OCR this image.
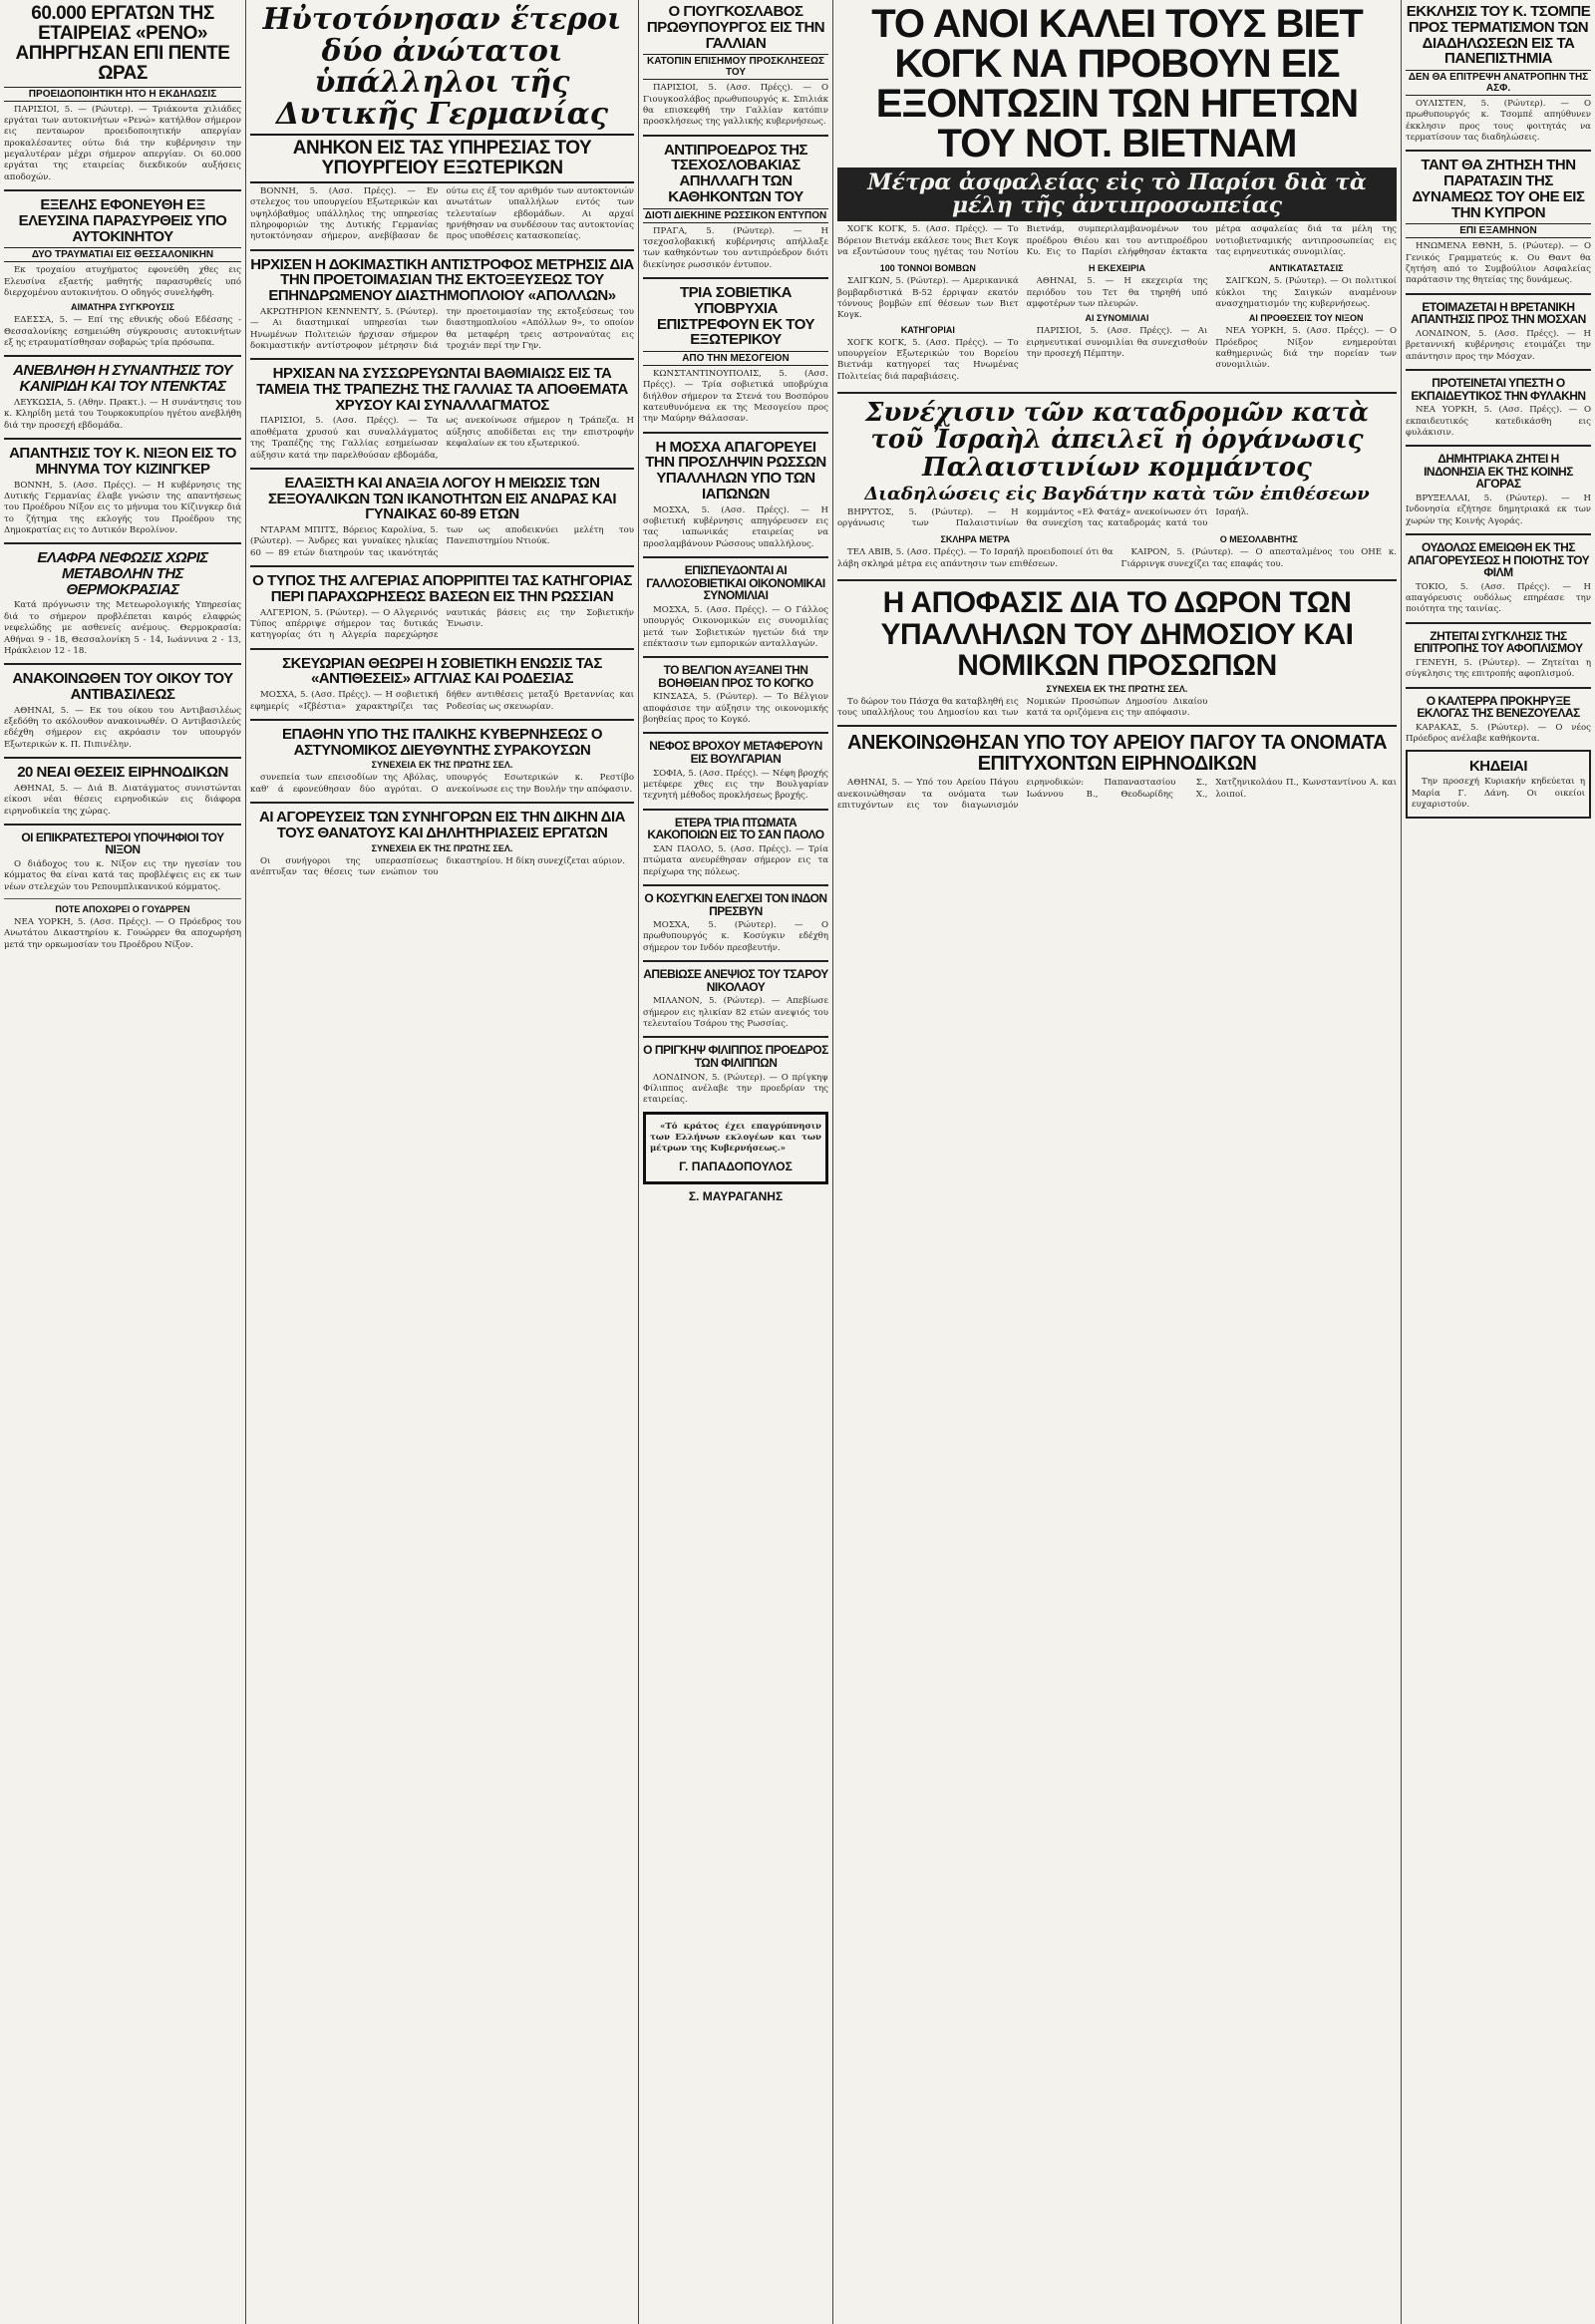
60.000 ΕΡΓΑΤΩΝ ΤΗΣ ΕΤΑΙΡΕΙΑΣ «ΡΕΝΟ» ΑΠΗΡΓΗΣΑΝ ΕΠΙ ΠΕΝΤΕ ΩΡΑΣ
ΠΡΟΕΙΔΟΠΟΙΗΤΙΚΗ ΗΤΟ Η ΕΚΔΗΛΩΣΙΣ

ΠΑΡΙΣΙΟΙ, 5. — (Ρώυτερ). — Τριάκοντα χιλιάδες εργάται των αυτοκινήτων «Ρενώ» κατήλθον σήμερον εις πενταωρον προειδοποιητικήν απεργίαν προκαλέσαντες ούτω διά την κυβέρνησιν την μεγαλυτέραν μέχρι σήμερον απεργίαν. Οι 60.000 εργάται της εταιρείας διεκδικούν αυξήσεις αποδοχών.

ΕΞΕΛΗΣ ΕΦΟΝΕΥΘΗ ΕΞ ΕΛΕΥΣΙΝΑ ΠΑΡΑΣΥΡΘΕΙΣ ΥΠΟ ΑΥΤΟΚΙΝΗΤΟΥ
ΔΥΟ ΤΡΑΥΜΑΤΙΑΙ ΕΙΣ ΘΕΣΣΑΛΟΝΙΚΗΝ

Εκ τροχαίου ατυχήματος εφονεύθη χθες εις Ελευσίνα εξαετής μαθητής παρασυρθείς υπό διερχομένου αυτοκινήτου. Ο οδηγός συνελήφθη.

ΑΙΜΑΤΗΡΑ ΣΥΓΚΡΟΥΣΙΣ

ΕΔΕΣΣΑ, 5. — Επί της εθνικής οδού Εδέσσης - Θεσσαλονίκης εσημειώθη σύγκρουσις αυτοκινήτων εξ ης ετραυματίσθησαν σοβαρώς τρία πρόσωπα.

ΑΝΕΒΛΗΘΗ Η ΣΥΝΑΝΤΗΣΙΣ ΤΟΥ ΚΑΝΙΡΙΔΗ ΚΑΙ ΤΟΥ ΝΤΕΝΚΤΑΣ

ΛΕΥΚΩΣΙΑ, 5. (Αθην. Πρακτ.). — Η συνάντησις του κ. Κληρίδη μετά του Τουρκοκυπρίου ηγέτου ανεβλήθη διά την προσεχή εβδομάδα.

ΑΠΑΝΤΗΣΙΣ ΤΟΥ Κ. ΝΙΞΟΝ ΕΙΣ ΤΟ ΜΗΝΥΜΑ ΤΟΥ ΚΙΖΙΝΓΚΕΡ

ΒΟΝΝΗ, 5. (Ασσ. Πρέςς). — Η κυβέρνησις της Δυτικής Γερμανίας έλαβε γνώσιν της απαντήσεως του Προέδρου Νίξον εις το μήνυμα του Κίζινγκερ διά το ζήτημα της εκλογής του Προέδρου της Δημοκρατίας εις το Δυτικόν Βερολίνον.

ΕΛΑΦΡΑ ΝΕΦΩΣΙΣ ΧΩΡΙΣ ΜΕΤΑΒΟΛΗΝ ΤΗΣ ΘΕΡΜΟΚΡΑΣΙΑΣ

Κατά πρόγνωσιν της Μετεωρολογικής Υπηρεσίας διά το σήμερον προβλέπεται καιρός ελαφρώς νεφελώδης με ασθενείς ανέμους. Θερμοκρασία: Αθήναι 9 - 18, Θεσσαλονίκη 5 - 14, Ιωάννινα 2 - 13, Ηράκλειον 12 - 18.

ΑΝΑΚΟΙΝΩΘΕΝ ΤΟΥ ΟΙΚΟΥ ΤΟΥ ΑΝΤΙΒΑΣΙΛΕΩΣ

ΑΘΗΝΑΙ, 5. — Εκ του οίκου του Αντιβασιλέως εξεδόθη το ακόλουθον ανακοινωθέν. Ο Αντιβασιλεύς εδέχθη σήμερον εις ακρόασιν τον υπουργόν Εξωτερικών κ. Π. Πιπινέλην.

20 ΝΕΑΙ ΘΕΣΕΙΣ ΕΙΡΗΝΟΔΙΚΩΝ

ΑΘΗΝΑΙ, 5. — Διά Β. Διατάγματος συνιστώνται είκοσι νέαι θέσεις ειρηνοδικών εις διάφορα ειρηνοδικεία της χώρας.

ΟΙ ΕΠΙΚΡΑΤΕΣΤΕΡΟΙ ΥΠΟΨΗΦΙΟΙ ΤΟΥ ΝΙΞΟΝ

Ο διάδοχος του κ. Νίξον εις την ηγεσίαν του κόμματος θα είναι κατά τας προβλέψεις εις εκ των νέων στελεχών του Ρεπουμπλικανικού κόμματος.

ΠΟΤΕ ΑΠΟΧΩΡΕΙ Ο ΓΟΥΔΡΡΕΝ

ΝΕΑ ΥΟΡΚΗ, 5. (Ασσ. Πρέςς). — Ο Πρόεδρος του Ανωτάτου Δικαστηρίου κ. Γουώρρεν θα αποχωρήση μετά την ορκωμοσίαν του Προέδρου Νίξον.

Ηὐτοτόνησαν ἕτεροι δύο ἀνώτατοι ὑπάλληλοι τῆς Δυτικῆς Γερμανίας
ΑΝΗΚΟΝ ΕΙΣ ΤΑΣ ΥΠΗΡΕΣΙΑΣ ΤΟΥ ΥΠΟΥΡΓΕΙΟΥ ΕΞΩΤΕΡΙΚΩΝ

ΒΟΝΝΗ, 5. (Ασσ. Πρέςς). — Εν στελεχος του υπουργείου Εξωτερικών και υψηλόβαθμος υπάλληλος της υπηρεσίας πληροφοριών της Δυτικής Γερμανίας ηυτοκτόνησαν σήμερον, ανεβίβασαν δε ούτω εις έξ τον αριθμόν των αυτοκτονιών ανωτάτων υπαλλήλων εντός των τελευταίων εβδομάδων. Αι αρχαί ηρνήθησαν να συνδέσουν τας αυτοκτονίας προς υποθέσεις κατασκοπείας.

ΗΡΧΙΣΕΝ Η ΔΟΚΙΜΑΣΤΙΚΗ ΑΝΤΙΣΤΡΟΦΟΣ ΜΕΤΡΗΣΙΣ ΔΙΑ ΤΗΝ ΠΡΟΕΤΟΙΜΑΣΙΑΝ ΤΗΣ ΕΚΤΟΞΕΥΣΕΩΣ ΤΟΥ ΕΠΗΝΔΡΩΜΕΝΟΥ ΔΙΑΣΤΗΜΟΠΛΟΙΟΥ «ΑΠΟΛΛΩΝ»

ΑΚΡΩΤΗΡΙΟΝ ΚΕΝΝΕΝΤΥ, 5. (Ρώυτερ). — Αι διαστημικαί υπηρεσίαι των Ηνωμένων Πολιτειών ήρχισαν σήμερον δοκιμαστικήν αντίστροφον μέτρησιν διά την προετοιμασίαν της εκτοξεύσεως του διαστημοπλοίου «Απόλλων 9», το οποίον θα μεταφέρη τρεις αστροναύτας εις τροχιάν περί την Γην.

ΗΡΧΙΣΑΝ ΝΑ ΣΥΣΣΩΡΕΥΩΝΤΑΙ ΒΑΘΜΙΑΙΩΣ ΕΙΣ ΤΑ ΤΑΜΕΙΑ ΤΗΣ ΤΡΑΠΕΖΗΣ ΤΗΣ ΓΑΛΛΙΑΣ ΤΑ ΑΠΟΘΕΜΑΤΑ ΧΡΥΣΟΥ ΚΑΙ ΣΥΝΑΛΛΑΓΜΑΤΟΣ

ΠΑΡΙΣΙΟΙ, 5. (Ασσ. Πρέςς). — Τα αποθέματα χρυσού και συναλλάγματος της Τραπέζης της Γαλλίας εσημείωσαν αύξησιν κατά την παρελθούσαν εβδομάδα, ως ανεκοίνωσε σήμερον η Τράπεζα. Η αύξησις αποδίδεται εις την επιστροφήν κεφαλαίων εκ του εξωτερικού.

ΕΛΑΞΙΣΤΗ ΚΑΙ ΑΝΑΞΙΑ ΛΟΓΟΥ Η ΜΕΙΩΣΙΣ ΤΩΝ ΣΕΞΟΥΑΛΙΚΩΝ ΤΩΝ ΙΚΑΝΟΤΗΤΩΝ ΕΙΣ ΑΝΔΡΑΣ ΚΑΙ ΓΥΝΑΙΚΑΣ 60-89 ΕΤΩΝ

ΝΤΑΡΑΜ ΜΠΙΤΣ, Βόρειος Καρολίνα, 5. (Ρώυτερ). — Άνδρες και γυναίκες ηλικίας 60 — 89 ετών διατηρούν τας ικανότητάς των ως αποδεικνύει μελέτη του Πανεπιστημίου Ντιούκ.

Ο ΤΥΠΟΣ ΤΗΣ ΑΛΓΕΡΙΑΣ ΑΠΟΡΡΙΠΤΕΙ ΤΑΣ ΚΑΤΗΓΟΡΙΑΣ ΠΕΡΙ ΠΑΡΑΧΩΡΗΣΕΩΣ ΒΑΣΕΩΝ ΕΙΣ ΤΗΝ ΡΩΣΣΙΑΝ

ΑΛΓΕΡΙΟΝ, 5. (Ρώυτερ). — Ο Αλγερινός Τύπος απέρριψε σήμερον τας δυτικάς κατηγορίας ότι η Αλγερία παρεχώρησε ναυτικάς βάσεις εις την Σοβιετικήν Ένωσιν.

ΣΚΕΥΩΡΙΑΝ ΘΕΩΡΕΙ Η ΣΟΒΙΕΤΙΚΗ ΕΝΩΣΙΣ ΤΑΣ «ΑΝΤΙΘΕΣΕΙΣ» ΑΓΓΛΙΑΣ ΚΑΙ ΡΟΔΕΣΙΑΣ

ΜΟΣΧΑ, 5. (Ασσ. Πρέςς). — Η σοβιετική εφημερίς «Ιζβέστια» χαρακτηρίζει τας δήθεν αντιθέσεις μεταξύ Βρεταννίας και Ροδεσίας ως σκευωρίαν.

ΕΠΑΘΗΝ ΥΠΟ ΤΗΣ ΙΤΑΛΙΚΗΣ ΚΥΒΕΡΝΗΣΕΩΣ Ο ΑΣΤΥΝΟΜΙΚΟΣ ΔΙΕΥΘΥΝΤΗΣ ΣΥΡΑΚΟΥΣΩΝ
ΣΥΝΕΧΕΙΑ ΕΚ ΤΗΣ ΠΡΩΤΗΣ ΣΕΛ.

συνεπεία των επεισοδίων της Αβόλας, καθ' ά εφονεύθησαν δύο αγρόται. Ο υπουργός Εσωτερικών κ. Ρεστίβο ανεκοίνωσε εις την Βουλήν την απόφασιν.

ΑΙ ΑΓΟΡΕΥΣΕΙΣ ΤΩΝ ΣΥΝΗΓΟΡΩΝ ΕΙΣ ΤΗΝ ΔΙΚΗΝ ΔΙΑ ΤΟΥΣ ΘΑΝΑΤΟΥΣ ΚΑΙ ΔΗΛΗΤΗΡΙΑΣΕΙΣ ΕΡΓΑΤΩΝ
ΣΥΝΕΧΕΙΑ ΕΚ ΤΗΣ ΠΡΩΤΗΣ ΣΕΛ.

Οι συνήγοροι της υπερασπίσεως ανέπτυξαν τας θέσεις των ενώπιον του δικαστηρίου. Η δίκη συνεχίζεται αύριον.

Ο ΓΙΟΥΓΚΟΣΛΑΒΟΣ ΠΡΩΘΥΠΟΥΡΓΟΣ ΕΙΣ ΤΗΝ ΓΑΛΛΙΑΝ
ΚΑΤΟΠΙΝ ΕΠΙΣΗΜΟΥ ΠΡΟΣΚΛΗΣΕΩΣ ΤΟΥ

ΠΑΡΙΣΙΟΙ, 5. (Ασσ. Πρέςς). — Ο Γιουγκοσλάβος πρωθυπουργός κ. Σπιλιάκ θα επισκεφθή την Γαλλίαν κατόπιν προσκλήσεως της γαλλικής κυβερνήσεως.

ΑΝΤΙΠΡΟΕΔΡΟΣ ΤΗΣ ΤΣΕΧΟΣΛΟΒΑΚΙΑΣ ΑΠΗΛΛΑΓΗ ΤΩΝ ΚΑΘΗΚΟΝΤΩΝ ΤΟΥ
ΔΙΟΤΙ ΔΙΕΚΗΙΝΕ ΡΩΣΣΙΚΟΝ ΕΝΤΥΠΟΝ

ΠΡΑΓΑ, 5. (Ρώυτερ). — Η τσεχοσλοβακική κυβέρνησις απήλλαξε των καθηκόντων του αντιπρόεδρον διότι διεκίνησε ρωσσικόν έντυπον.

ΤΡΙΑ ΣΟΒΙΕΤΙΚΑ ΥΠΟΒΡΥΧΙΑ ΕΠΙΣΤΡΕΦΟΥΝ ΕΚ ΤΟΥ ΕΞΩΤΕΡΙΚΟΥ
ΑΠΟ ΤΗΝ ΜΕΣΟΓΕΙΟΝ

ΚΩΝΣΤΑΝΤΙΝΟΥΠΟΛΙΣ, 5. (Ασσ. Πρέςς). — Τρία σοβιετικά υποβρύχια διήλθον σήμερον τα Στενά του Βοσπόρου κατευθυνόμενα εκ της Μεσογείου προς την Μαύρην Θάλασσαν.

Η ΜΟΣΧΑ ΑΠΑΓΟΡΕΥΕΙ ΤΗΝ ΠΡΟΣΛΗΨΙΝ ΡΩΣΣΩΝ ΥΠΑΛΛΗΛΩΝ ΥΠΟ ΤΩΝ ΙΑΠΩΝΩΝ

ΜΟΣΧΑ, 5. (Ασσ. Πρέςς). — Η σοβιετική κυβέρνησις απηγόρευσεν εις τας ιαπωνικάς εταιρείας να προσλαμβάνουν Ρώσσους υπαλλήλους.

ΕΠΙΣΠΕΥΔΟΝΤΑΙ ΑΙ ΓΑΛΛΟΣΟΒΙΕΤΙΚΑΙ ΟΙΚΟΝΟΜΙΚΑΙ ΣΥΝΟΜΙΛΙΑΙ

ΜΟΣΧΑ, 5. (Ασσ. Πρέςς). — Ο Γάλλος υπουργός Οικονομικών εις συνομιλίας μετά των Σοβιετικών ηγετών διά την επέκτασιν των εμπορικών ανταλλαγών.

ΤΟ ΒΕΛΓΙΟΝ ΑΥΞΑΝΕΙ ΤΗΝ ΒΟΗΘΕΙΑΝ ΠΡΟΣ ΤΟ ΚΟΓΚΟ

ΚΙΝΣΑΣΑ, 5. (Ρώυτερ). — Το Βέλγιον αποφάσισε την αύξησιν της οικονομικής βοηθείας προς το Κογκό.

ΝΕΦΟΣ ΒΡΟΧΟΥ ΜΕΤΑΦΕΡΟΥΝ ΕΙΣ ΒΟΥΛΓΑΡΙΑΝ

ΣΟΦΙΑ, 5. (Ασσ. Πρέςς). — Νέφη βροχής μετέφερε χθες εις την Βουλγαρίαν τεχνητή μέθοδος προκλήσεως βροχής.

ΕΤΕΡΑ ΤΡΙΑ ΠΤΩΜΑΤΑ ΚΑΚΟΠΟΙΩΝ ΕΙΣ ΤΟ ΣΑΝ ΠΑΟΛΟ

ΣΑΝ ΠΑΟΛΟ, 5. (Ασσ. Πρέςς). — Τρία πτώματα ανευρέθησαν σήμερον εις τα περίχωρα της πόλεως.

Ο ΚΟΣΥΓΚΙΝ ΕΛΕΓΧΕΙ ΤΟΝ ΙΝΔΟΝ ΠΡΕΣΒΥΝ

ΜΟΣΧΑ, 5. (Ρώυτερ). — Ο πρωθυπουργός κ. Κοσύγκιν εδέχθη σήμερον τον Ινδόν πρεσβευτήν.

ΑΠΕΒΙΩΣΕ ΑΝΕΨΙΟΣ ΤΟΥ ΤΣΑΡΟΥ ΝΙΚΟΛΑΟΥ

ΜΙΛΑΝΟΝ, 5. (Ρώυτερ). — Απεβίωσε σήμερον εις ηλικίαν 82 ετών ανεψιός του τελευταίου Τσάρου της Ρωσσίας.

Ο ΠΡΙΓΚΗΨ ΦΙΛΙΠΠΟΣ ΠΡΟΕΔΡΟΣ ΤΩΝ ΦΙΛΙΠΠΩΝ

ΛΟΝΔΙΝΟΝ, 5. (Ρώυτερ). — Ο πρίγκηψ Φίλιππος ανέλαβε την προεδρίαν της εταιρείας.

«Τό κράτος έχει επαγρύπνησιν των Ελλήνων εκλογέων και των μέτρων της Κυβερνήσεως.»

Γ. ΠΑΠΑΔΟΠΟΥΛΟΣ
Σ. ΜΑΥΡΑΓΑΝΗΣ
ΤΟ ΑΝΟΙ ΚΑΛΕΙ ΤΟΥΣ ΒΙΕΤ ΚΟΓΚ ΝΑ ΠΡΟΒΟΥΝ ΕΙΣ ΕΞΟΝΤΩΣΙΝ ΤΩΝ ΗΓΕΤΩΝ ΤΟΥ ΝΟΤ. ΒΙΕΤΝΑΜ
Μέτρα ἀσφαλείας εἰς τὸ Παρίσι διὰ τὰ μέλη τῆς ἀντιπροσωπείας

ΧΟΓΚ ΚΟΓΚ, 5. (Ασσ. Πρέςς). — Το Βόρειον Βιετνάμ εκάλεσε τους Βιετ Κογκ να εξοντώσουν τους ηγέτας του Νοτίου Βιετνάμ, συμπεριλαμβανομένων του προέδρου Θιέου και του αντιπροέδρου Κυ. Εις το Παρίσι ελήφθησαν έκτακτα μέτρα ασφαλείας διά τα μέλη της νοτιοβιετναμικής αντιπροσωπείας εις τας ειρηνευτικάς συνομιλίας.

100 ΤΟΝΝΟΙ ΒΟΜΒΩΝ

ΣΑΙΓΚΩΝ, 5. (Ρώυτερ). — Αμερικανικά βομβαρδιστικά Β-52 έρριψαν εκατόν τόννους βομβών επί θέσεων των Βιετ Κογκ.

ΚΑΤΗΓΟΡΙΑΙ

ΧΟΓΚ ΚΟΓΚ, 5. (Ασσ. Πρέςς). — Το υπουργείον Εξωτερικών του Βορείου Βιετνάμ κατηγορεί τας Ηνωμένας Πολιτείας διά παραβιάσεις.

Η ΕΚΕΧΕΙΡΙΑ

ΑΘΗΝΑΙ, 5. — Η εκεχειρία της περιόδου του Τετ θα τηρηθή υπό αμφοτέρων των πλευρών.

ΑΙ ΣΥΝΟΜΙΛΙΑΙ

ΠΑΡΙΣΙΟΙ, 5. (Ασσ. Πρέςς). — Αι ειρηνευτικαί συνομιλίαι θα συνεχισθούν την προσεχή Πέμπτην.

ΑΝΤΙΚΑΤΑΣΤΑΣΙΣ

ΣΑΙΓΚΩΝ, 5. (Ρώυτερ). — Οι πολιτικοί κύκλοι της Σαιγκών αναμένουν ανασχηματισμόν της κυβερνήσεως.

ΑΙ ΠΡΟΘΕΣΕΙΣ ΤΟΥ ΝΙΞΟΝ

ΝΕΑ ΥΟΡΚΗ, 5. (Ασσ. Πρέςς). — Ο Πρόεδρος Νίξον ενημερούται καθημερινώς διά την πορείαν των συνομιλιών.

Συνέχισιν τῶν καταδρομῶν κατὰ τοῦ Ἰσραὴλ ἀπειλεῖ ἡ ὀργάνωσις Παλαιστινίων κομμάντος
Διαδηλώσεις εἰς Βαγδάτην κατὰ τῶν ἐπιθέσεων

ΒΗΡΥΤΟΣ, 5. (Ρώυτερ). — Η οργάνωσις των Παλαιστινίων κομμάντος «Ελ Φατάχ» ανεκοίνωσεν ότι θα συνεχίση τας καταδρομάς κατά του Ισραήλ.

ΣΚΛΗΡΑ ΜΕΤΡΑ

ΤΕΛ ΑΒΙΒ, 5. (Ασσ. Πρέςς). — Το Ισραήλ προειδοποιεί ότι θα λάβη σκληρά μέτρα εις απάντησιν των επιθέσεων.

Ο ΜΕΣΟΛΑΒΗΤΗΣ

ΚΑΙΡΟΝ, 5. (Ρώυτερ). — Ο απεσταλμένος του ΟΗΕ κ. Γιάρρινγκ συνεχίζει τας επαφάς του.

Η ΑΠΟΦΑΣΙΣ ΔΙΑ ΤΟ ΔΩΡΟΝ ΤΩΝ ΥΠΑΛΛΗΛΩΝ ΤΟΥ ΔΗΜΟΣΙΟΥ ΚΑΙ ΝΟΜΙΚΩΝ ΠΡΟΣΩΠΩΝ
ΣΥΝΕΧΕΙΑ ΕΚ ΤΗΣ ΠΡΩΤΗΣ ΣΕΛ.

Το δώρον του Πάσχα θα καταβληθή εις τους υπαλλήλους του Δημοσίου και των Νομικών Προσώπων Δημοσίου Δικαίου κατά τα οριζόμενα εις την απόφασιν.

ΑΝΕΚΟΙΝΩΘΗΣΑΝ ΥΠΟ ΤΟΥ ΑΡΕΙΟΥ ΠΑΓΟΥ ΤΑ ΟΝΟΜΑΤΑ ΕΠΙΤΥΧΟΝΤΩΝ ΕΙΡΗΝΟΔΙΚΩΝ

ΑΘΗΝΑΙ, 5. — Υπό του Αρείου Πάγου ανεκοινώθησαν τα ονόματα των επιτυχόντων εις τον διαγωνισμόν ειρηνοδικών: Παπαναστασίου Σ., Ιωάννου Β., Θεοδωρίδης Χ., Χατζηνικολάου Π., Κωνσταντίνου Α. και λοιποί.

ΕΚΚΛΗΣΙΣ ΤΟΥ Κ. ΤΣΟΜΠΕ ΠΡΟΣ ΤΕΡΜΑΤΙΣΜΟΝ ΤΩΝ ΔΙΑΔΗΛΩΣΕΩΝ ΕΙΣ ΤΑ ΠΑΝΕΠΙΣΤΗΜΙΑ
ΔΕΝ ΘΑ ΕΠΙΤΡΕΨΗ ΑΝΑΤΡΟΠΗΝ ΤΗΣ ΑΣΦ.

ΟΥΛΙΣΤΕΝ, 5. (Ρώυτερ). — Ο πρωθυπουργός κ. Τσομπέ απηύθυνεν έκκλησιν προς τους φοιτητάς να τερματίσουν τας διαδηλώσεις.

ΤΑΝΤ ΘΑ ΖΗΤΗΣΗ ΤΗΝ ΠΑΡΑΤΑΣΙΝ ΤΗΣ ΔΥΝΑΜΕΩΣ ΤΟΥ ΟΗΕ ΕΙΣ ΤΗΝ ΚΥΠΡΟΝ
ΕΠΙ ΕΞΑΜΗΝΟΝ

ΗΝΩΜΕΝΑ ΕΘΝΗ, 5. (Ρώυτερ). — Ο Γενικός Γραμματεύς κ. Ου Θαντ θα ζητήση από το Συμβούλιον Ασφαλείας παράτασιν της θητείας της δυνάμεως.

ΕΤΟΙΜΑΖΕΤΑΙ Η ΒΡΕΤΑΝΙΚΗ ΑΠΑΝΤΗΣΙΣ ΠΡΟΣ ΤΗΝ ΜΟΣΧΑΝ

ΛΟΝΔΙΝΟΝ, 5. (Ασσ. Πρέςς). — Η βρεταννική κυβέρνησις ετοιμάζει την απάντησιν προς την Μόσχαν.

ΠΡΟΤΕΙΝΕΤΑΙ ΥΠΕΣΤΗ Ο ΕΚΠΑΙΔΕΥΤΙΚΟΣ ΤΗΝ ΦΥΛΑΚΗΝ

ΝΕΑ ΥΟΡΚΗ, 5. (Ασσ. Πρέςς). — Ο εκπαιδευτικός κατεδικάσθη εις φυλάκισιν.

ΔΗΜΗΤΡΙΑΚΑ ΖΗΤΕΙ Η ΙΝΔΟΝΗΣΙΑ ΕΚ ΤΗΣ ΚΟΙΝΗΣ ΑΓΟΡΑΣ

ΒΡΥΞΕΛΛΑΙ, 5. (Ρώυτερ). — Η Ινδονησία εζήτησε δημητριακά εκ των χωρών της Κοινής Αγοράς.

ΟΥΔΟΛΩΣ ΕΜΕΙΩΘΗ ΕΚ ΤΗΣ ΑΠΑΓΟΡΕΥΣΕΩΣ Η ΠΟΙΟΤΗΣ ΤΟΥ ΦΙΛΜ

ΤΟΚΙΟ, 5. (Ασσ. Πρέςς). — Η απαγόρευσις ουδόλως επηρέασε την ποιότητα της ταινίας.

ΖΗΤΕΙΤΑΙ ΣΥΓΚΛΗΣΙΣ ΤΗΣ ΕΠΙΤΡΟΠΗΣ ΤΟΥ ΑΦΟΠΛΙΣΜΟΥ

ΓΕΝΕΥΗ, 5. (Ρώυτερ). — Ζητείται η σύγκλησις της επιτροπής αφοπλισμού.

Ο ΚΑΛΤΕΡΡΑ ΠΡΟΚΗΡΥΞΕ ΕΚΛΟΓΑΣ ΤΗΣ ΒΕΝΕΖΟΥΕΛΑΣ

ΚΑΡΑΚΑΣ, 5. (Ρώυτερ). — Ο νέος Πρόεδρος ανέλαβε καθήκοντα.

ΚΗΔΕΙΑΙ

Την προσεχή Κυριακήν κηδεύεται η Μαρία Γ. Δάνη. Οι οικείοι ευχαριστούν.
